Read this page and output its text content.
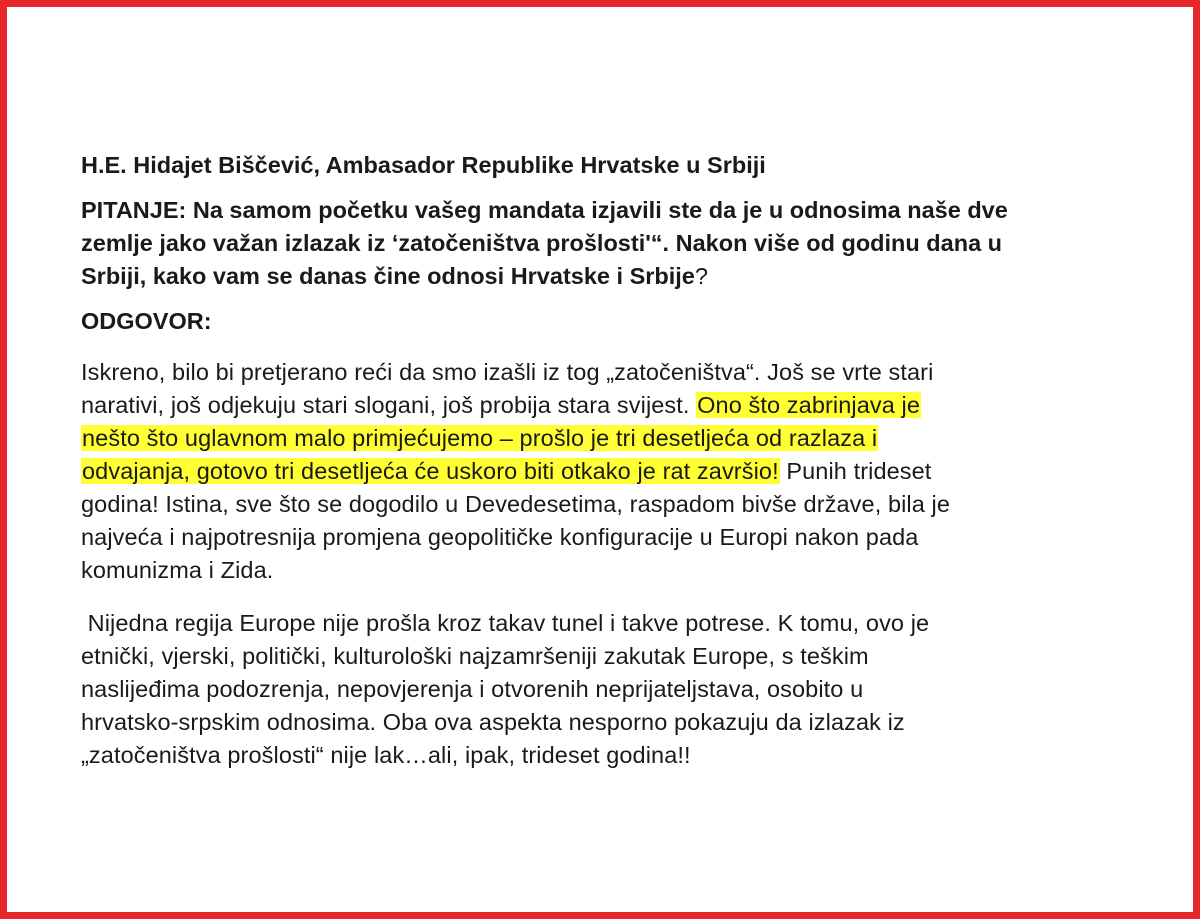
H.E. Hidajet Biščević, Ambasador Republike Hrvatske u Srbiji

PITANJE: Na samom početku vašeg mandata izjavili ste da je u odnosima naše dve
zemlje jako važan izlazak iz ‘zatočeništva prošlosti'“. Nakon više od godinu dana u
Srbiji, kako vam se danas čine odnosi Hrvatske i Srbije?

ODGOVOR:

Iskreno, bilo bi pretjerano reći da smo izašli iz tog „zatočeništva“. Još se vrte stari
narativi, još odjekuju stari slogani, još probija stara svijest. Ono što zabrinjava je
nešto što uglavnom malo primjećujemo – prošlo je tri desetljeća od razlaza i
odvajanja, gotovo tri desetljeća će uskoro biti otkako je rat završio! Punih trideset
godina! Istina, sve što se dogodilo u Devedesetima, raspadom bivše države, bila je
najveća i najpotresnija promjena geopolitičke konfiguracije u Europi nakon pada
komunizma i Zida.

Nijedna regija Europe nije prošla kroz takav tunel i takve potrese. K tomu, ovo je
etnički, vjerski, politički, kulturološki najzamršeniji zakutak Europe, s teškim
naslijeđima podozrenja, nepovjerenja i otvorenih neprijateljstava, osobito u
hrvatsko-srpskim odnosima. Oba ova aspekta nesporno pokazuju da izlazak iz
„zatočeništva prošlosti“ nije lak…ali, ipak, trideset godina!!
